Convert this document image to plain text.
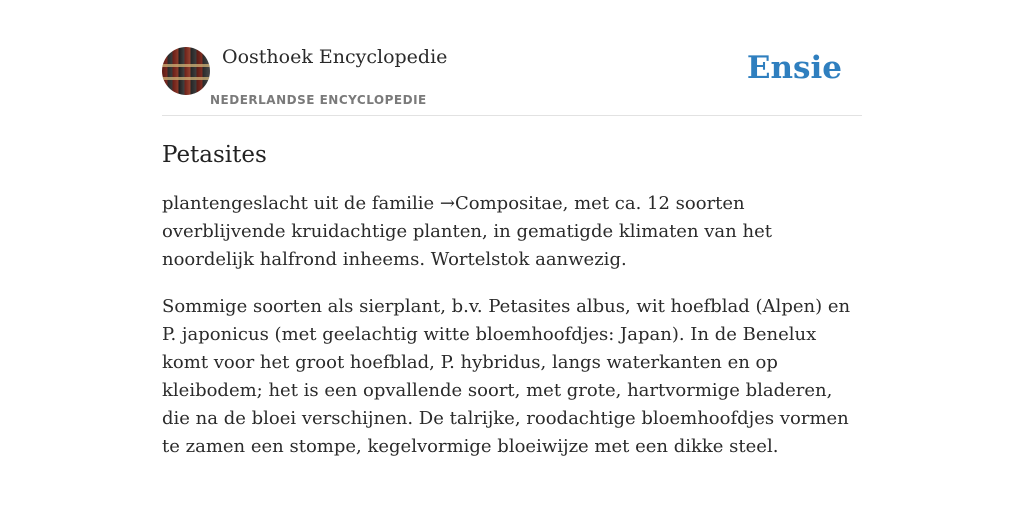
Oosthoek Encyclopedie
NEDERLANDSE ENCYCLOPEDIE
Ensie
Petasites

plantengeslacht uit de familie →Compositae, met ca. 12 soorten overblijvende kruidachtige planten, in gematigde klimaten van het noordelijk halfrond inheems. Wortelstok aanwezig.

Sommige soorten als sierplant, b.v. Petasites albus, wit hoefblad (Alpen) en P. japonicus (met geelachtig witte bloemhoofdjes: Japan). In de Benelux komt voor het groot hoefblad, P. hybridus, langs waterkanten en op kleibodem; het is een opvallende soort, met grote, hartvormige bladeren, die na de bloei verschijnen. De talrijke, roodachtige bloemhoofdjes vormen te zamen een stompe, kegelvormige bloeiwijze met een dikke steel.
